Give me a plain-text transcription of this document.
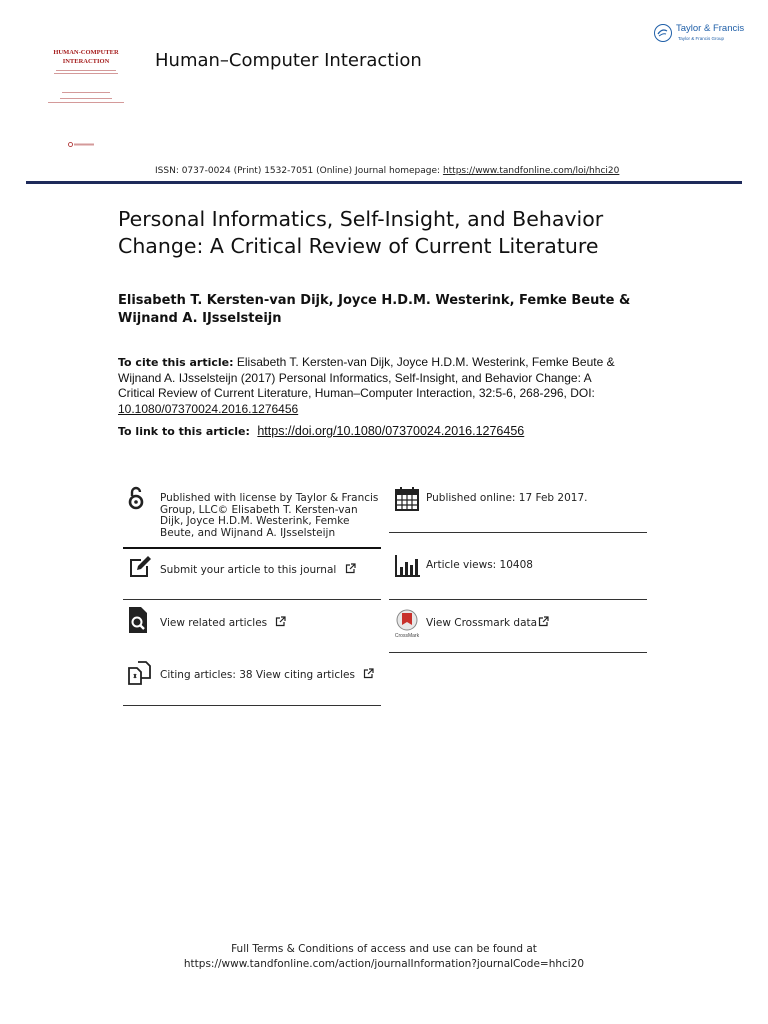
HUMAN-COMPUTER INTERACTION	Human–Computer Interaction
Taylor & Francis
Taylor & Francis Group
ISSN: 0737-0024 (Print) 1532-7051 (Online) Journal homepage: https://www.tandfonline.com/loi/hhci20
Personal Informatics, Self-Insight, and Behavior Change: A Critical Review of Current Literature
Elisabeth T. Kersten-van Dijk, Joyce H.D.M. Westerink, Femke Beute & Wijnand A. IJsselsteijn
To cite this article: Elisabeth T. Kersten-van Dijk, Joyce H.D.M. Westerink, Femke Beute & Wijnand A. IJsselsteijn (2017) Personal Informatics, Self-Insight, and Behavior Change: A Critical Review of Current Literature, Human–Computer Interaction, 32:5-6, 268-296, DOI: 10.1080/07370024.2016.1276456
To link to this article: https://doi.org/10.1080/07370024.2016.1276456
Published with license by Taylor & Francis Group, LLC© Elisabeth T. Kersten-van Dijk, Joyce H.D.M. Westerink, Femke Beute, and Wijnand A. IJsselsteijn
Submit your article to this journal
View related articles
Citing articles: 38 View citing articles
Published online: 17 Feb 2017.
Article views: 10408
CrossMark
View Crossmark data
Full Terms & Conditions of access and use can be found at
https://www.tandfonline.com/action/journalInformation?journalCode=hhci20
